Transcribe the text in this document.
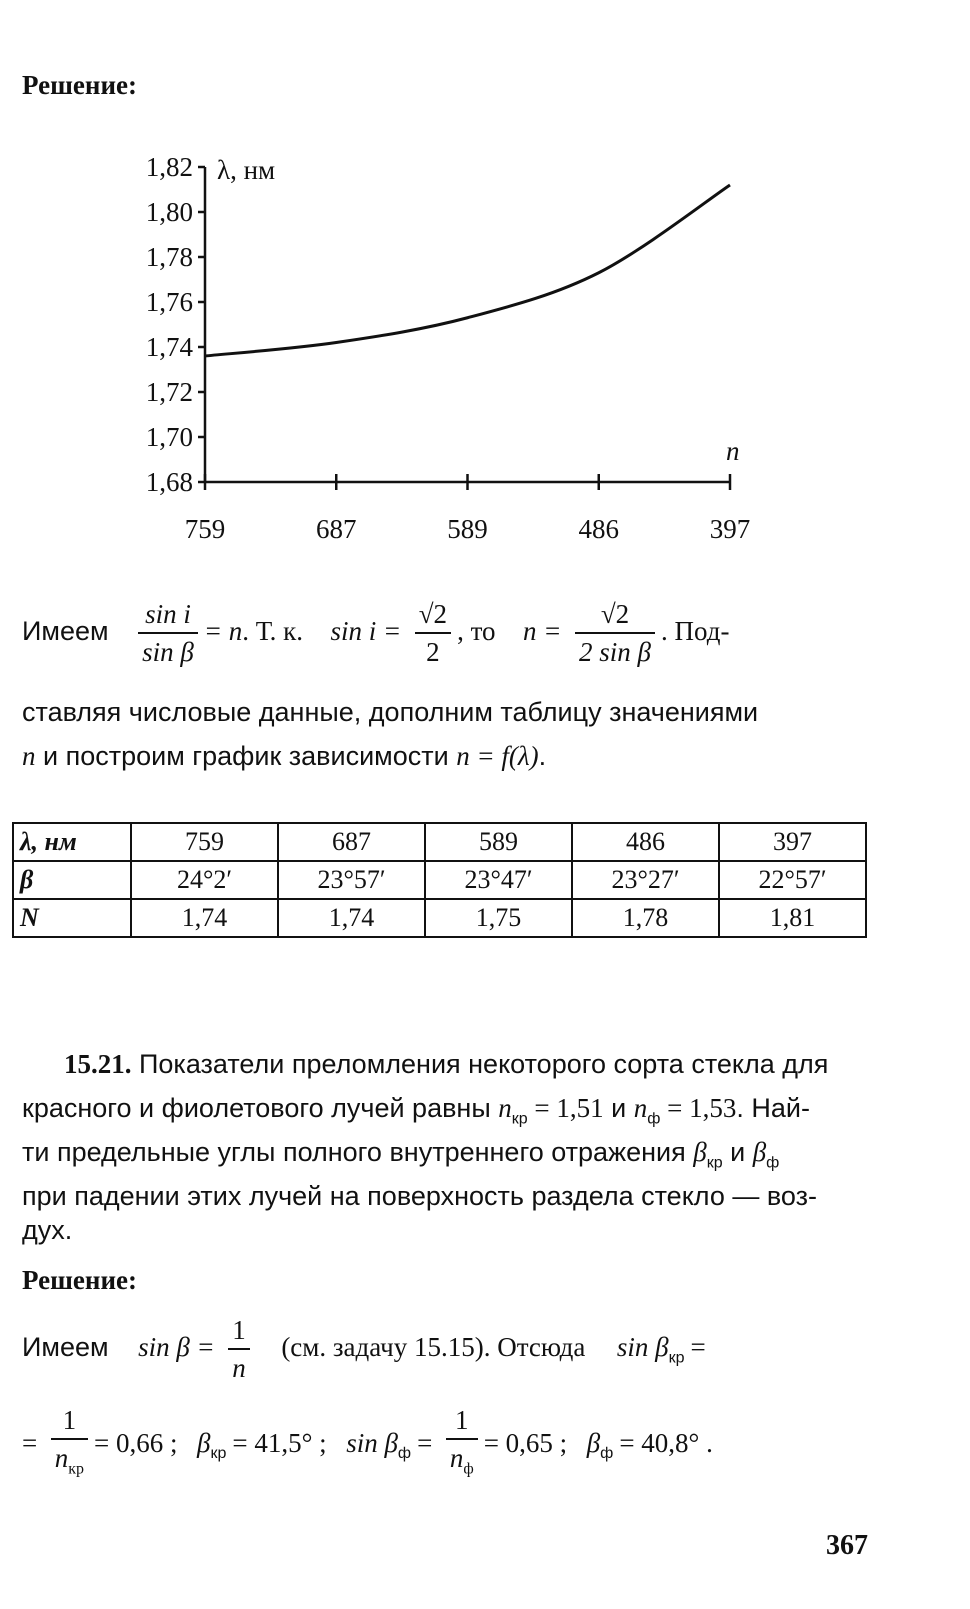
Решение:
1,82
1,80
1,78
1,76
1,74
1,72
1,70
1,68
759	687	589	486	397
λ, нм
n
Имеем $\frac{\text{sin i}}{\text{sin β}} = n$. Т. к. $\sin i = \frac{√2}{2}$ , то $n = \frac{√2}{\text{2 sin β}}$ . Под-
ставляя числовые данные, дополним таблицу значениями
n и построим график зависимости n = f(λ).
λ, нм	759	687	589	486	397
β	24°2′	23°57′	23°47′	23°27′	22°57′
N	1,74	1,74	1,75	1,78	1,81
15.21. Показатели преломления некоторого сорта стекла для
красного и фиолетового лучей равны $n_{кр} = 1,51$ и $n_ф = 1,53$. Най-
ти предельные углы полного внутреннего отражения $\beta_{кр}$ и $\beta_ф$
при падении этих лучей на поверхность раздела стекло — воз-
дух.
Решение:
Имеем $\sin \beta = \frac{1}{n} (см$. задачу 15.15). Отсюда $\sin \beta_{кр}$ =
= $\frac{1}{n_{кр}} = 0,66$ ; $\beta_{кр} = 41,5^\circ$ ; $\sin \beta_ф = \frac{1}{n_ф} = 0,65$ ; $\beta_ф = 40,8^\circ$ .
367
